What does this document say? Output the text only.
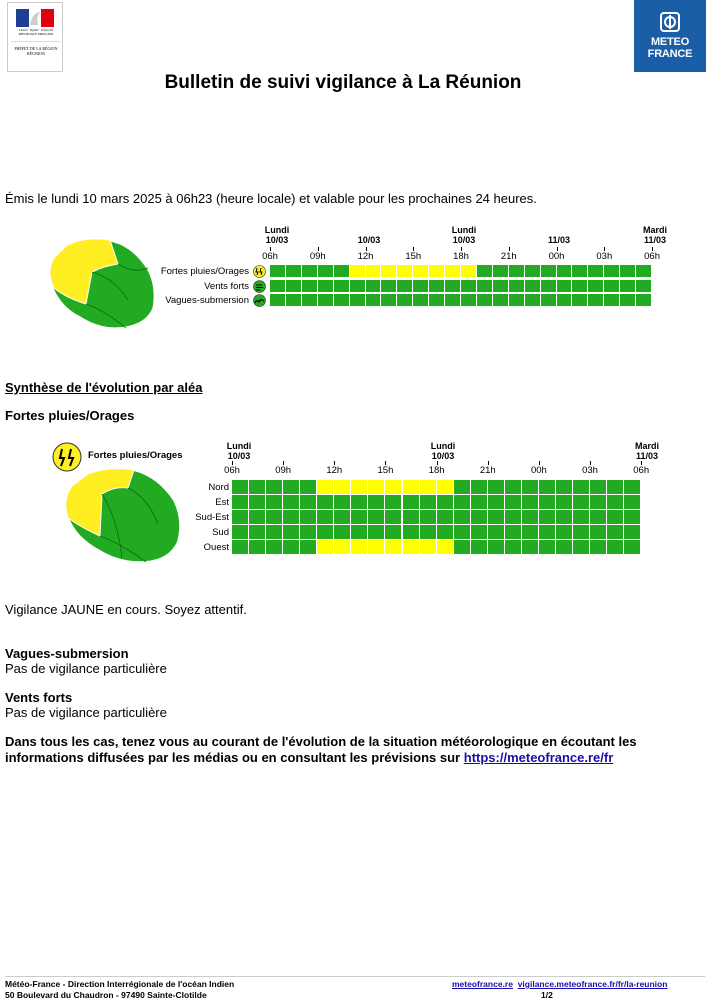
Liberté · Égalité · Fraternité
RÉPUBLIQUE FRANÇAISE
PRÉFET DE LA RÉGION RÉUNION
METEO
FRANCE
Bulletin de suivi vigilance à La Réunion
Émis le lundi 10 mars 2025 à 06h23 (heure locale) et valable pour les prochaines 24 heures.
Lundi
10/03	10/03
Lundi
10/03	11/03
Mardi
11/03
06h	09h	12h	15h	18h	21h	00h	03h	06h
Fortes pluies/Orages
Vents forts
Vagues-submersion
Synthèse de l'évolution par aléa
Fortes pluies/Orages
Fortes pluies/Orages
Lundi
10/03
Lundi
10/03
Mardi
11/03
06h	09h	12h	15h	18h	21h	00h	03h	06h
Nord
Est
Sud-Est
Sud
Ouest
Vigilance JAUNE en cours. Soyez attentif.
Vagues-submersion
Pas de vigilance particulière
Vents forts
Pas de vigilance particulière
Dans tous les cas, tenez vous au courant de l'évolution de la situation météorologique en écoutant les informations diffusées par les médias ou en consultant les prévisions sur https://meteofrance.re/fr
Météo-France - Direction Interrégionale de l'océan Indien
50 Boulevard du Chaudron - 97490 Sainte-Clotilde
meteofrance.re vigilance.meteofrance.fr/fr/la-reunion
1/2
